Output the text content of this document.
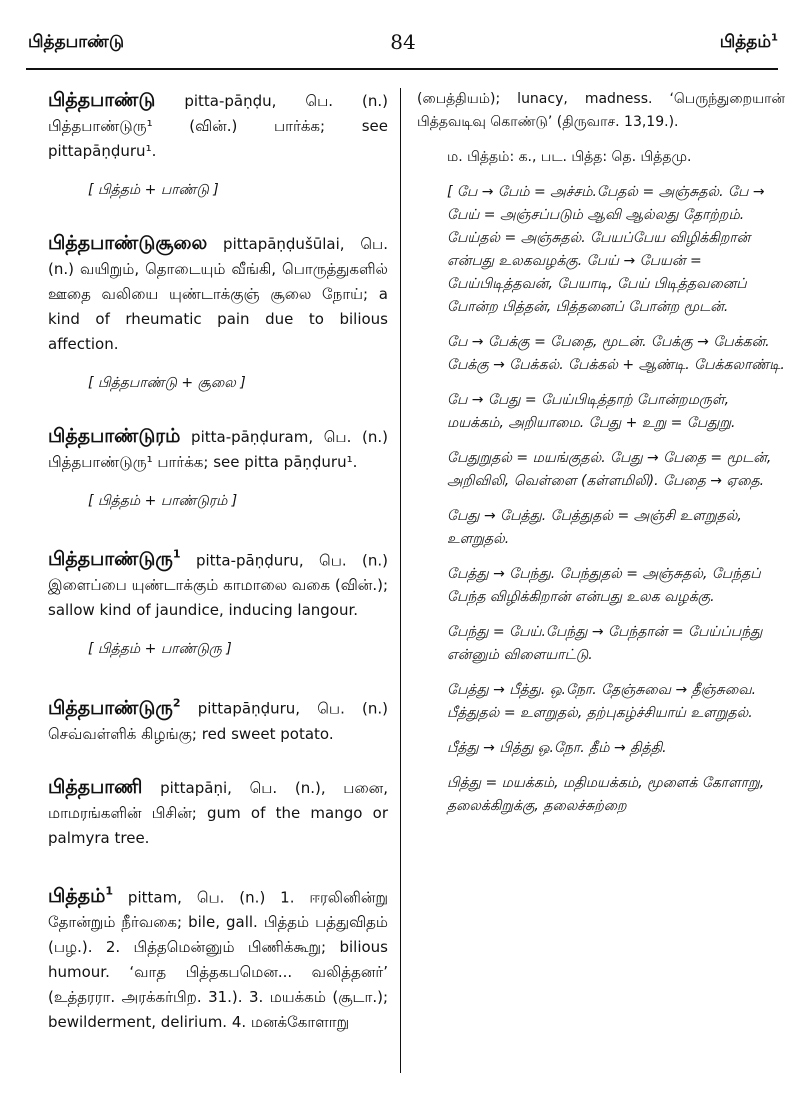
பித்தபாண்டு	84	பித்தம்$^1$
பித்தபாண்டு pitta-pāṇḍu, பெ. (n.) பித்தபாண்டுரு¹ (வின்.) பார்க்க; see pittapāṇḍuru¹.
[ பித்தம் + பாண்டு ]
பித்தபாண்டுசூலை pittapāṇḍušūlai, பெ. (n.) வயிறும், தொடையும் வீங்கி, பொருத்துகளில் ஊதை வலியை யுண்டாக்குஞ் சூலை நோய்; a kind of rheumatic pain due to bilious affection.
[ பித்தபாண்டு + சூலை ]
பித்தபாண்டுரம் pitta-pāṇḍuram, பெ. (n.) பித்தபாண்டுரு¹ பார்க்க; see pitta pāṇḍuru¹.
[ பித்தம் + பாண்டுரம் ]
பித்தபாண்டுரு$^1$ pitta-pāṇḍuru, பெ. (n.) இளைப்பை யுண்டாக்கும் காமாலை வகை (வின்.); sallow kind of jaundice, inducing langour.
[ பித்தம் + பாண்டுரு ]
பித்தபாண்டுரு$^2$ pittapāṇḍuru, பெ. (n.) செவ்வள்ளிக் கிழங்கு; red sweet potato.
பித்தபாணி pittapāṇi, பெ. (n.), பனை, மாமரங்களின் பிசின்; gum of the mango or palmyra tree.
பித்தம்$^1$ pittam, பெ. (n.) 1. ஈரலினின்று தோன்றும் நீர்வகை; bile, gall. பித்தம் பத்துவிதம் (பழ.). 2. பித்தமென்னும் பிணிக்கூறு; bilious humour. ‘வாத பித்தகபமென... வலித்தனர்’ (உத்தரரா. அரக்கர்பிற. 31.). 3. மயக்கம் (சூடா.); bewilderment, delirium. 4. மனக்கோளாறு

(பைத்தியம்); lunacy, madness. ‘பெருந்துறையான் பித்தவடிவு கொண்டு’ (திருவாச. 13,19.).

ம. பித்தம்: க., பட. பித்த: தெ. பித்தமு.

[ பே → பேம் = அச்சம்.பேதல் = அஞ்சுதல். பே → பேய் = அஞ்சப்படும் ஆவி ஆல்லது தோற்றம். பேய்தல் = அஞ்சுதல். பேயப்பேய விழிக்கிறான் என்பது உலகவழக்கு. பேய் → பேயன் = பேய்பிடித்தவன், பேயாடி, பேய் பிடித்தவனைப் போன்ற பித்தன், பித்தனைப் போன்ற மூடன்.

பே → பேக்கு = பேதை, மூடன். பேக்கு → பேக்கன். பேக்கு → பேக்கல். பேக்கல் + ஆண்டி. பேக்கலாண்டி.

பே → பேது = பேய்பிடித்தாற் போன்றமருள், மயக்கம், அறியாமை. பேது + உறு = பேதுறு.

பேதுறுதல் = மயங்குதல். பேது → பேதை = மூடன், அறிவிலி, வெள்ளை (கள்ளமிலி). பேதை → ஏதை.

பேது → பேத்து. பேத்துதல் = அஞ்சி உளறுதல், உளறுதல்.

பேத்து → பேந்து. பேந்துதல் = அஞ்சுதல், பேந்தப் பேந்த விழிக்கிறான் என்பது உலக வழக்கு.

பேந்து = பேய்.பேந்து → பேந்தான் = பேய்ப்பந்து என்னும் விளையாட்டு.

பேத்து → பீத்து. ஒ.நோ. தேஞ்சுவை → தீஞ்சுவை. பீத்துதல் = உளறுதல், தற்புகழ்ச்சியாய் உளறுதல்.

பீத்து → பித்து ஒ.நோ. தீம் → தித்தி.

பித்து = மயக்கம், மதிமயக்கம், மூளைக் கோளாறு, தலைக்கிறுக்கு, தலைச்சுற்றை
